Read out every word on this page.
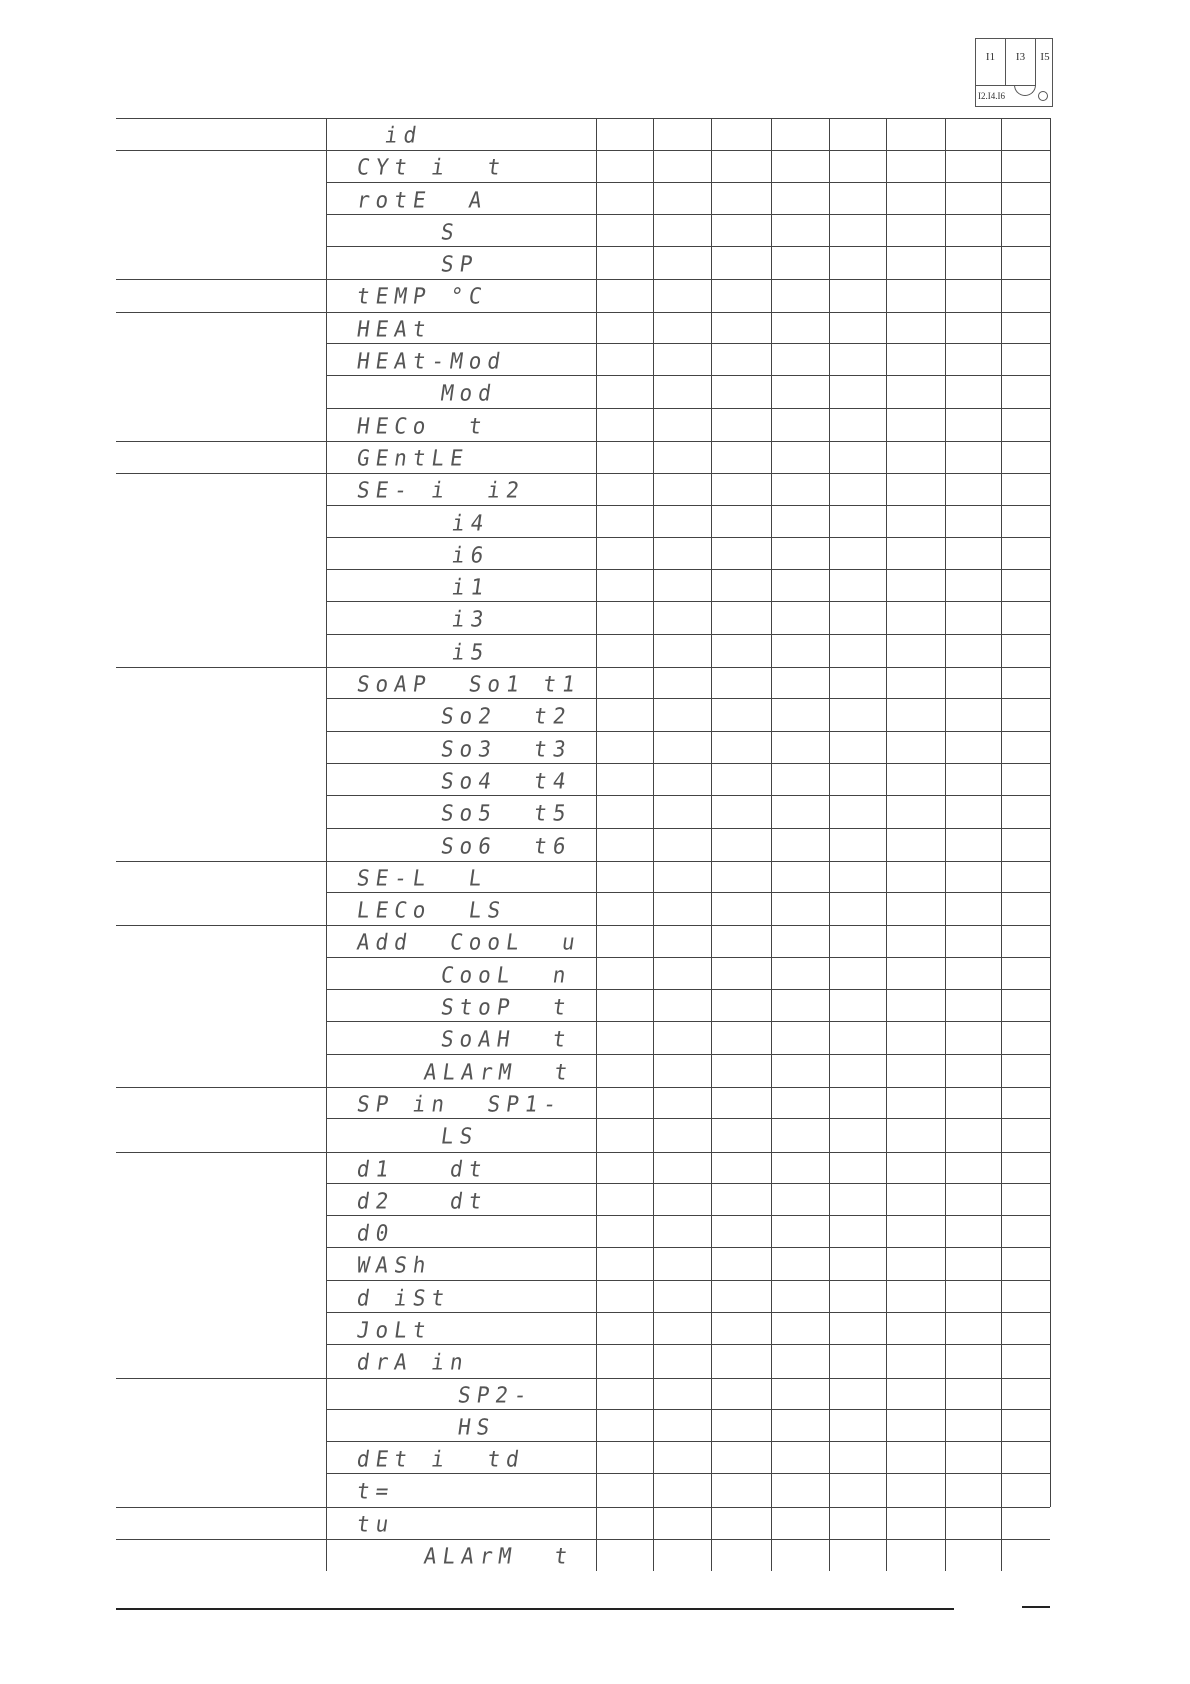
I1	I3	I5
I2.I4.I6
id
CYt i  t
rotE  A
S
SP
tEMP °C
HEAt
HEAt-Mod
Mod
HECo  t
GEntLE
SE- i  i2
i4
i6
i1
i3
i5
SoAP  So1 t1
So2  t2
So3  t3
So4  t4
So5  t5
So6  t6
SE-L  L
LECo  LS
Add  CooL  u
CooL  n
StoP  t
SoAH  t
ALArM  t
SP in  SP1-
LS
d1   dt
d2   dt
d0
WASh
d iSt
JoLt
drA in
SP2-
HS
dEt i  td
t=
tu
ALArM  t
